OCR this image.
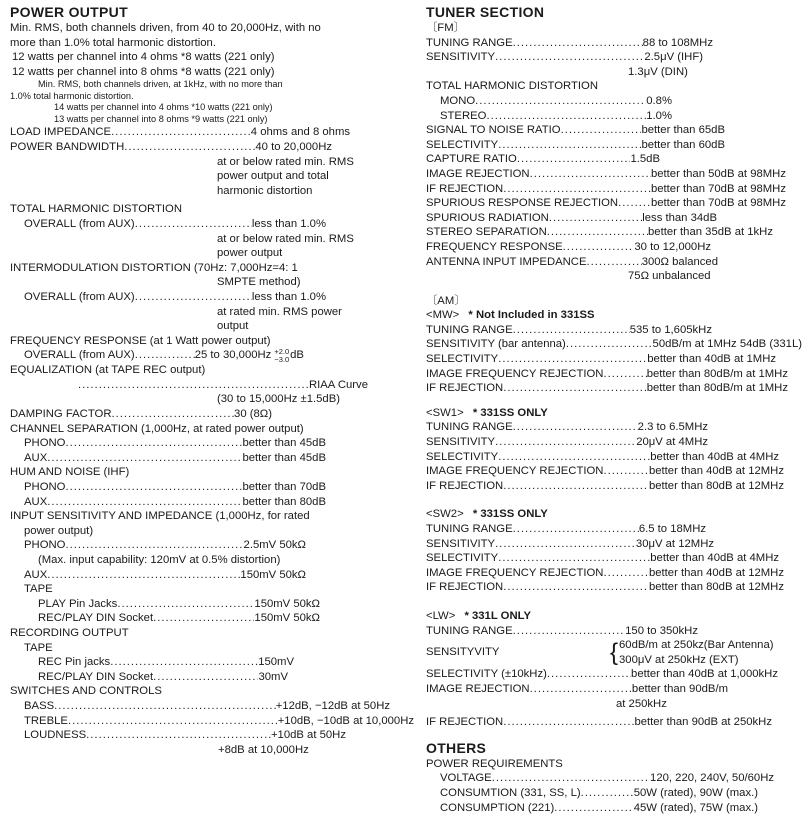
POWER OUTPUT
Min. RMS, both channels driven, from 40 to 20,000Hz, with no
more than 1.0% total harmonic distortion.
12 watts per channel into 4 ohms *8 watts (221 only)
12 watts per channel into 8 ohms *8 watts (221 only)
Min. RMS, both channels driven, at 1kHz, with no more than
1.0% total harmonic distortion.
14 watts per channel into 4 ohms *10 watts (221 only)
13 watts per channel into 8 ohms *9 watts (221 only)
LOAD IMPEDANCE .....	4 ohms and 8 ohms
POWER BANDWIDTH .....	40 to 20,000Hz
at or below rated min. RMS
power output and total
harmonic distortion
TOTAL HARMONIC DISTORTION
OVERALL (from AUX) .....	less than 1.0%
at or below rated min. RMS
power output
INTERMODULATION DISTORTION (70Hz: 7,000Hz=4: 1
SMPTE method)
OVERALL (from AUX) .....	less than 1.0%
at rated min. RMS power
output
FREQUENCY RESPONSE (at 1 Watt power output)
OVERALL (from AUX) .....	25 to 30,000Hz +2.0
−3.0 dB
EQUALIZATION (at TAPE REC output)
.....
RIAA Curve
(30 to 15,000Hz ±1.5dB)
DAMPING FACTOR .....	30 (8Ω)
CHANNEL SEPARATION (1,000Hz, at rated power output)
PHONO .....	better than 45dB
AUX .....	better than 45dB
HUM AND NOISE (IHF)
PHONO .....	better than 70dB
AUX .....	better than 80dB
INPUT SENSITIVITY AND IMPEDANCE (1,000Hz, for rated
power output)
PHONO .....	2.5mV 50kΩ
(Max. input capability: 120mV at 0.5% distortion)
AUX .....	150mV 50kΩ
TAPE
PLAY Pin Jacks .....	150mV 50kΩ
REC/PLAY DIN Socket .....	150mV 50kΩ
RECORDING OUTPUT
TAPE
REC Pin jacks .....	150mV
REC/PLAY DIN Socket .....	30mV
SWITCHES AND CONTROLS
BASS .....	+12dB, −12dB at 50Hz
TREBLE .....	+10dB, −10dB at 10,000Hz
LOUDNESS .....	+10dB at 50Hz
+8dB at 10,000Hz
TUNER SECTION
〔FM〕
TUNING RANGE .....	88 to 108MHz
SENSITIVITY .....	2.5μV (IHF)
1.3μV (DIN)
TOTAL HARMONIC DISTORTION
MONO .....	0.8%
STEREO .....	1.0%
SIGNAL TO NOISE RATIO .....	better than 65dB
SELECTIVITY .....	better than 60dB
CAPTURE RATIO .....	1.5dB
IMAGE REJECTION .....	better than 50dB at 98MHz
IF REJECTION .....	better than 70dB at 98MHz
SPURIOUS RESPONSE REJECTION .....	better than 70dB at 98MHz
SPURIOUS RADIATION .....	less than 34dB
STEREO SEPARATION .....	better than 35dB at 1kHz
FREQUENCY RESPONSE .....	30 to 12,000Hz
ANTENNA INPUT IMPEDANCE .....	300Ω balanced
75Ω unbalanced
〔AM〕
<MW> * Not Included in 331SS
TUNING RANGE .....	535 to 1,605kHz
SENSITIVITY (bar antenna) .....	50dB/m at 1MHz 54dB (331L)
SELECTIVITY .....	better than 40dB at 1MHz
IMAGE FREQUENCY REJECTION .....	better than 80dB/m at 1MHz
IF REJECTION .....	better than 80dB/m at 1MHz
<SW1> * 331SS ONLY
TUNING RANGE .....	2.3 to 6.5MHz
SENSITIVITY .....	20μV at 4MHz
SELECTIVITY .....	better than 40dB at 4MHz
IMAGE FREQUENCY REJECTION .....	better than 40dB at 12MHz
IF REJECTION .....	better than 80dB at 12MHz
<SW2> * 331SS ONLY
TUNING RANGE .....	6.5 to 18MHz
SENSITIVITY .....	30μV at 12MHz
SELECTIVITY .....	better than 40dB at 4MHz
IMAGE FREQUENCY REJECTION .....	better than 40dB at 12MHz
IF REJECTION .....	better than 80dB at 12MHz
<LW> * 331L ONLY
TUNING RANGE .....	150 to 350kHz
SENSITYVITY	{ 60dB/m at 250kz(Bar Antenna)
300μV at 250kHz (EXT)
SELECTIVITY (±10kHz) .....	better than 40dB at 1,000kHz
IMAGE REJECTION .....	better than 90dB/m
at 250kHz
IF REJECTION .....	better than 90dB at 250kHz
OTHERS
POWER REQUIREMENTS
VOLTAGE .....	120, 220, 240V, 50/60Hz
CONSUMTION (331, SS, L) .....	50W (rated), 90W (max.)
CONSUMPTION (221) .....	45W (rated), 75W (max.)
